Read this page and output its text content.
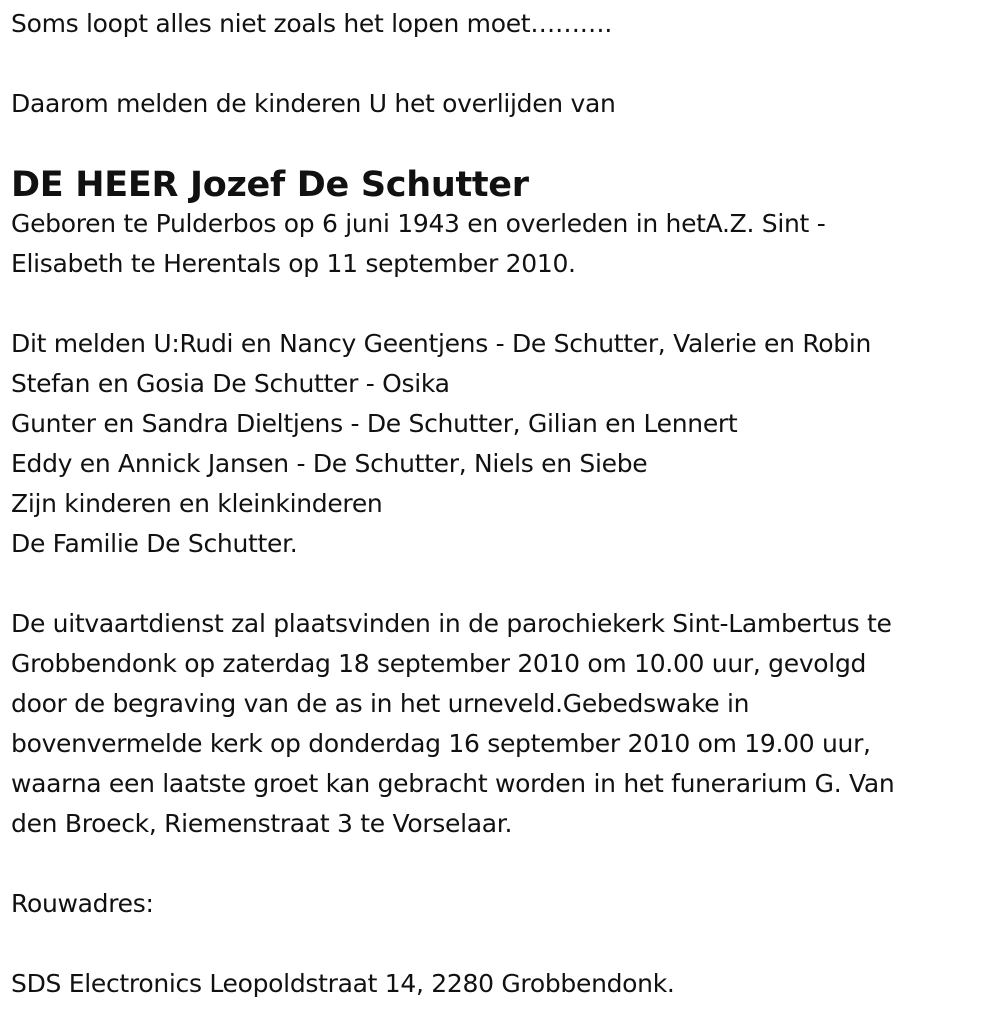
Soms loopt alles niet zoals het lopen moet……….
Daarom melden de kinderen U het overlijden van
DE HEER Jozef De Schutter
Geboren te Pulderbos op 6 juni 1943 en overleden in hetA.Z. Sint -
Elisabeth te Herentals op 11 september 2010.
Dit melden U:Rudi en Nancy Geentjens - De Schutter, Valerie en Robin
Stefan en Gosia De Schutter - Osika
Gunter en Sandra Dieltjens - De Schutter, Gilian en Lennert
Eddy en Annick Jansen - De Schutter, Niels en Siebe
Zijn kinderen en kleinkinderen
De Familie De Schutter.
De uitvaartdienst zal plaatsvinden in de parochiekerk Sint-Lambertus te
Grobbendonk op zaterdag 18 september 2010 om 10.00 uur, gevolgd
door de begraving van de as in het urneveld.Gebedswake in
bovenvermelde kerk op donderdag 16 september 2010 om 19.00 uur,
waarna een laatste groet kan gebracht worden in het funerarium G. Van
den Broeck, Riemenstraat 3 te Vorselaar.
Rouwadres:
SDS Electronics Leopoldstraat 14, 2280 Grobbendonk.
